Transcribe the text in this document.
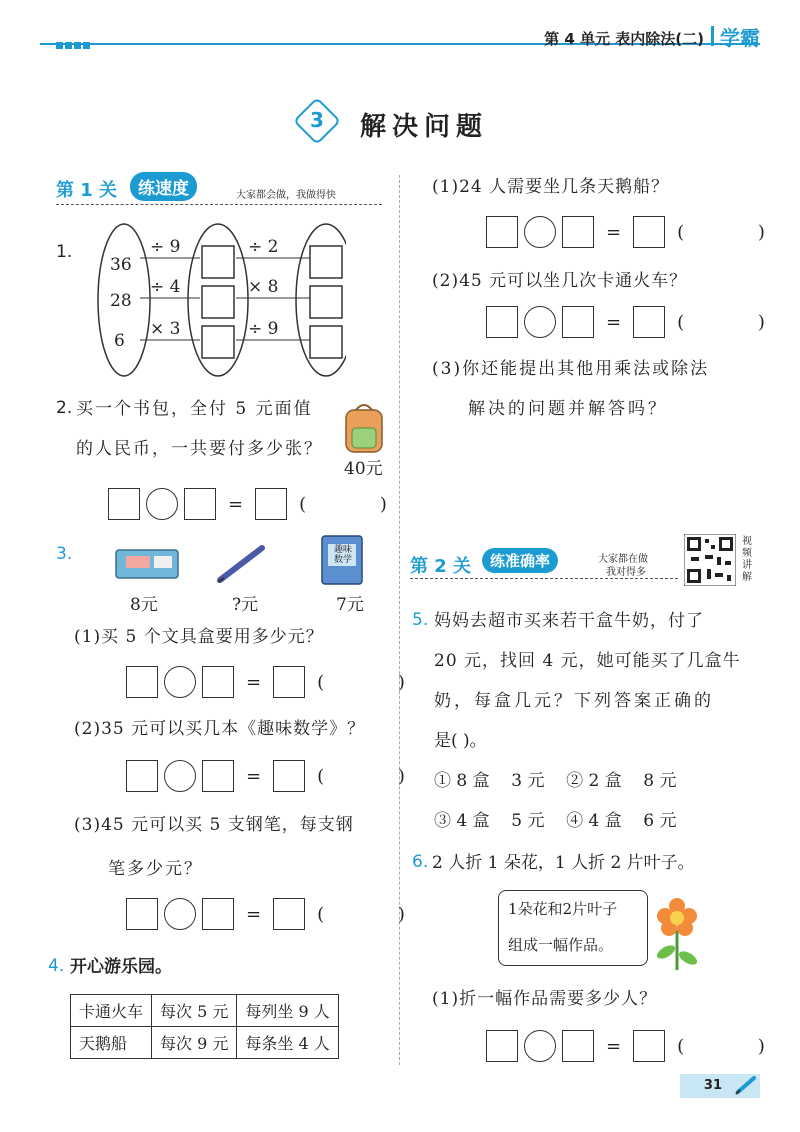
第 4 单元 表内除法(二) 学霸
3	解决问题
第 1 关	练速度	大家都会做，我做得快
1.
36
28
6
÷ 9
÷ 4
× 3
÷ 2
× 8
÷ 9
2. 买一个书包，全付 5 元面值
的人民币，一共要付多少张？
40元
=	( )
3.	趣味数学
8元	?元	7元
(1)买 5 个文具盒要用多少元？
=	( )
(2)35 元可以买几本《趣味数学》？
=	( )
(3)45 元可以买 5 支钢笔，每支钢
笔多少元？
=	( )
4. 开心游乐园。
卡通火车	每次 5 元	每列坐 9 人
天鹅船	每次 9 元	每条坐 4 人
(1)24 人需要坐几条天鹅船？
=	( )
(2)45 元可以坐几次卡通火车？
=	( )
(3)你还能提出其他用乘法或除法
解决的问题并解答吗？
第 2 关	练准确率	大家都在做
我对得多
视频讲解
5. 妈妈去超市买来若干盒牛奶，付了
20 元，找回 4 元，她可能买了几盒牛
奶，每盒几元？下列答案正确的
是( )。
① 8 盒    3 元    ② 2 盒    8 元
③ 4 盒    5 元    ④ 4 盒    6 元
6. 2 人折 1 朵花，1 人折 2 片叶子。
1朵花和2片叶子
组成一幅作品。
(1)折一幅作品需要多少人？
=	( )
31
